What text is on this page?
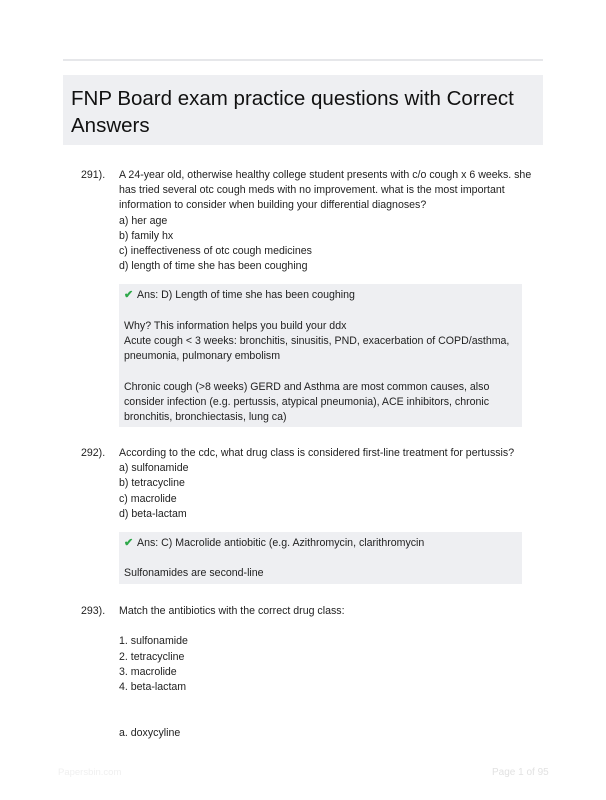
FNP Board exam practice questions with Correct Answers
291).	A 24-year old, otherwise healthy college student presents with c/o cough x 6 weeks. she

has tried several otc cough meds with no improvement. what is the most important

information to consider when building your differential diagnoses?

a) her age

b) family hx

c) ineffectiveness of otc cough medicines

d) length of time she has been coughing

✔ Ans: D) Length of time she has been coughing

Why? This information helps you build your ddx

Acute cough < 3 weeks: bronchitis, sinusitis, PND, exacerbation of COPD/asthma,

pneumonia, pulmonary embolism

Chronic cough (>8 weeks) GERD and Asthma are most common causes, also

consider infection (e.g. pertussis, atypical pneumonia), ACE inhibitors, chronic

bronchitis, bronchiectasis, lung ca)

292).	According to the cdc, what drug class is considered first-line treatment for pertussis?

a) sulfonamide

b) tetracycline

c) macrolide

d) beta-lactam

✔ Ans: C) Macrolide antiobitic (e.g. Azithromycin, clarithromycin

Sulfonamides are second-line

293).	Match the antibiotics with the correct drug class:

1. sulfonamide

2. tetracycline

3. macrolide

4. beta-lactam

a. doxycyline

Papersbin.com	Page 1 of 95
